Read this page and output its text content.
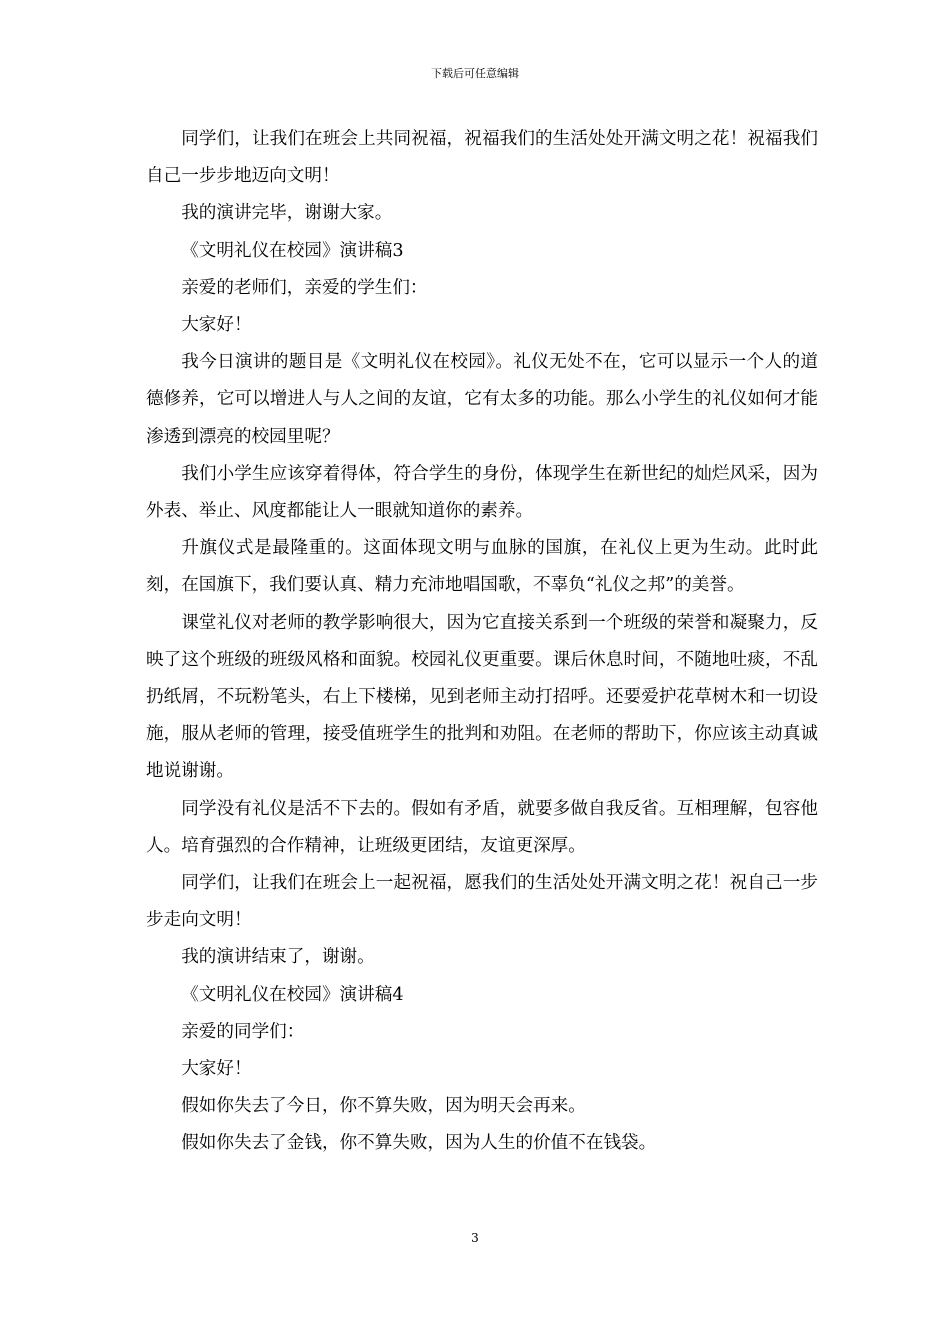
下载后可任意编辑

同学们，让我们在班会上共同祝福，祝福我们的生活处处开满文明之花！祝福我们自己一步步地迈向文明！

我的演讲完毕，谢谢大家。

《文明礼仪在校园》演讲稿3

亲爱的老师们，亲爱的学生们：

大家好！

我今日演讲的题目是《文明礼仪在校园》。礼仪无处不在，它可以显示一个人的道德修养，它可以增进人与人之间的友谊，它有太多的功能。那么小学生的礼仪如何才能渗透到漂亮的校园里呢？

我们小学生应该穿着得体，符合学生的身份，体现学生在新世纪的灿烂风采，因为外表、举止、风度都能让人一眼就知道你的素养。

升旗仪式是最隆重的。这面体现文明与血脉的国旗，在礼仪上更为生动。此时此刻，在国旗下，我们要认真、精力充沛地唱国歌，不辜负“礼仪之邦”的美誉。

课堂礼仪对老师的教学影响很大，因为它直接关系到一个班级的荣誉和凝聚力，反映了这个班级的班级风格和面貌。校园礼仪更重要。课后休息时间，不随地吐痰，不乱扔纸屑，不玩粉笔头，右上下楼梯，见到老师主动打招呼。还要爱护花草树木和一切设施，服从老师的管理，接受值班学生的批判和劝阻。在老师的帮助下，你应该主动真诚地说谢谢。

同学没有礼仪是活不下去的。假如有矛盾，就要多做自我反省。互相理解，包容他人。培育强烈的合作精神，让班级更团结，友谊更深厚。

同学们，让我们在班会上一起祝福，愿我们的生活处处开满文明之花！祝自己一步步走向文明！

我的演讲结束了，谢谢。

《文明礼仪在校园》演讲稿4

亲爱的同学们：

大家好！

假如你失去了今日，你不算失败，因为明天会再来。

假如你失去了金钱，你不算失败，因为人生的价值不在钱袋。

3
